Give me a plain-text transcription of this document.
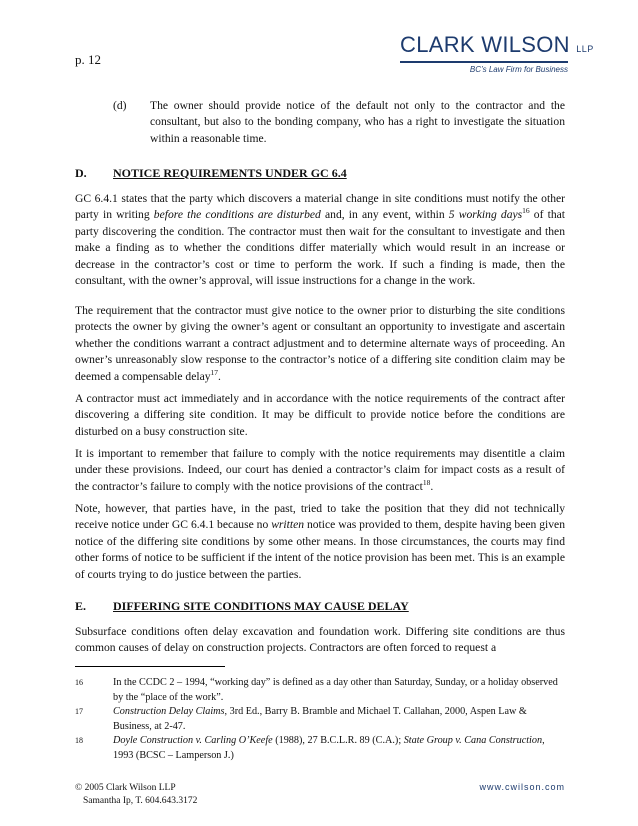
p. 12
CLARK WILSON LLP
BC’s Law Firm for Business
(d) The owner should provide notice of the default not only to the contractor and the consultant, but also to the bonding company, who has a right to investigate the situation within a reasonable time.
D. NOTICE REQUIREMENTS UNDER GC 6.4
GC 6.4.1 states that the party which discovers a material change in site conditions must notify the other party in writing before the conditions are disturbed and, in any event, within 5 working days$^{16}$ of that party discovering the condition. The contractor must then wait for the consultant to investigate and then make a finding as to whether the conditions differ materially which would result in an increase or decrease in the contractor’s cost or time to perform the work. If such a finding is made, then the consultant, with the owner’s approval, will issue instructions for a change in the work.
The requirement that the contractor must give notice to the owner prior to disturbing the site conditions protects the owner by giving the owner’s agent or consultant an opportunity to investigate and ascertain whether the conditions warrant a contract adjustment and to determine alternate ways of proceeding. An owner’s unreasonably slow response to the contractor’s notice of a differing site condition claim may be deemed a compensable delay$^{17}$.
A contractor must act immediately and in accordance with the notice requirements of the contract after discovering a differing site condition. It may be difficult to provide notice before the conditions are disturbed on a busy construction site.
It is important to remember that failure to comply with the notice requirements may disentitle a claim under these provisions. Indeed, our court has denied a contractor’s claim for impact costs as a result of the contractor’s failure to comply with the notice provisions of the contract$^{18}$.
Note, however, that parties have, in the past, tried to take the position that they did not technically receive notice under GC 6.4.1 because no written notice was provided to them, despite having been given notice of the differing site conditions by some other means. In those circumstances, the courts may find other forms of notice to be sufficient if the intent of the notice provision has been met. This is an example of courts trying to do justice between the parties.
E. DIFFERING SITE CONDITIONS MAY CAUSE DELAY
Subsurface conditions often delay excavation and foundation work. Differing site conditions are thus common causes of delay on construction projects. Contractors are often forced to request a
16	In the CCDC 2 – 1994, “working day” is defined as a day other than Saturday, Sunday, or a holiday observed by the “place of the work”.
17	Construction Delay Claims, 3rd Ed., Barry B. Bramble and Michael T. Callahan, 2000, Aspen Law & Business, at 2-47.
18	Doyle Construction v. Carling O’Keefe (1988), 27 B.C.L.R. 89 (C.A.); State Group v. Cana Construction, 1993 (BCSC – Lamperson J.)
© 2005 Clark Wilson LLP
Samantha Ip, T. 604.643.3172
www.cwilson.com
